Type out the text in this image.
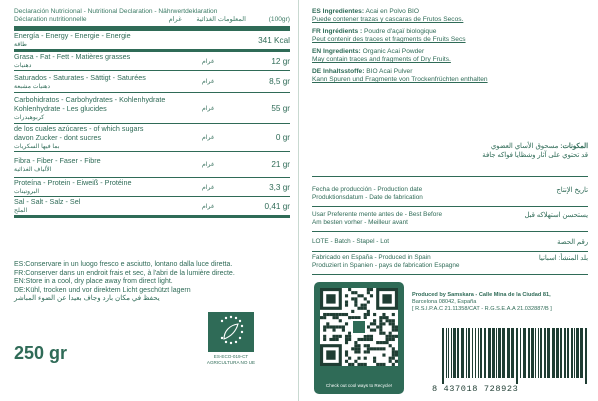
Declaración Nutricional - Nutritional Declaration - Nährwertdeklaration
Déclaration nutritionnelle	المعلومات الغذائية        غرام	(100gr)
Energía - Energy - Energie - Energie
طاقة		341 Kcal

Grasa - Fat - Fett - Matières grasses
دهنيات	غرام	12 gr

Saturados - Saturates - Sättigt - Saturées
دهنيات مشبعة	غرام	8,5 gr

Carbohidratos - Carbohydrates - Kohlenhydrate
Kohlenhydrate - Les glucides
كربوهيدرات	غرام	55 gr

de los cuales azúcares - of which sugars
davon Zucker - dont sucres
بما فيها السكريات	غرام	0 gr

Fibra - Fiber - Faser - Fibre
الألياف الغذائية	غرام	21 gr

Proteína - Protein - Eiweiß - Protéine
البروتينات	غرام	3,3 gr

Sal - Salt - Salz - Sel
الملح	غرام	0,41 gr
ES:Conservare in un luogo fresco e asciutto, lontano dalla luce diretta.
FR:Conserver dans un endroit frais et sec, à l'abri de la lumière directe.
EN:Store in a cool, dry place away from direct light.
DE:Kühl, trocken und vor direktem Licht geschützt lagern
يحفظ في مكان بارد وجاف بعيدا عن الضوء المباشر
250 gr	ES-ECO-019-CT AGRICULTURA NO UE

ES Ingredientes: Acai en Polvo BIO

Puede contener trazas y cascaras de Frutos Secos.

FR Ingrédients : Poudre d'açaï biologique

Peut contenir des traces et fragments de Fruits Secs

EN Ingredients: Organic Acai Powder

May contain traces and fragments of Dry Fruits.

DE Inhaltsstoffe: BIO Acai Pulver

Kann Spuren und Fragmente von Trockenfrüchten enthalten

المكونات: مسحوق الأساي العضوي
قد تحتوي على آثار وشظايا فواكه جافة
Fecha de producción - Production date
Produktionsdatum - Date de fabrication
تاريخ الإنتاج
Usar Preferente mente antes de - Best Before
Am besten vorher - Meilleur avant
يستحسن استهلاكه قبل
LOTE - Batch - Stapel - Lot	رقم الحصة
Fabricado en España - Produced in Spain
Produziert in Spanien - pays de fabrication Espagne
بلد المنشأ: اسبانيا
Check out cool ways to Recycle!
Produced by Samskara - Calle Mina de la Ciudad 81,
Barcelona 08042, España
[ R.S.I.P.A.C 21.11358/CAT - R.G.S.E.A.A 21.032887/B ]
8 437018 728923
